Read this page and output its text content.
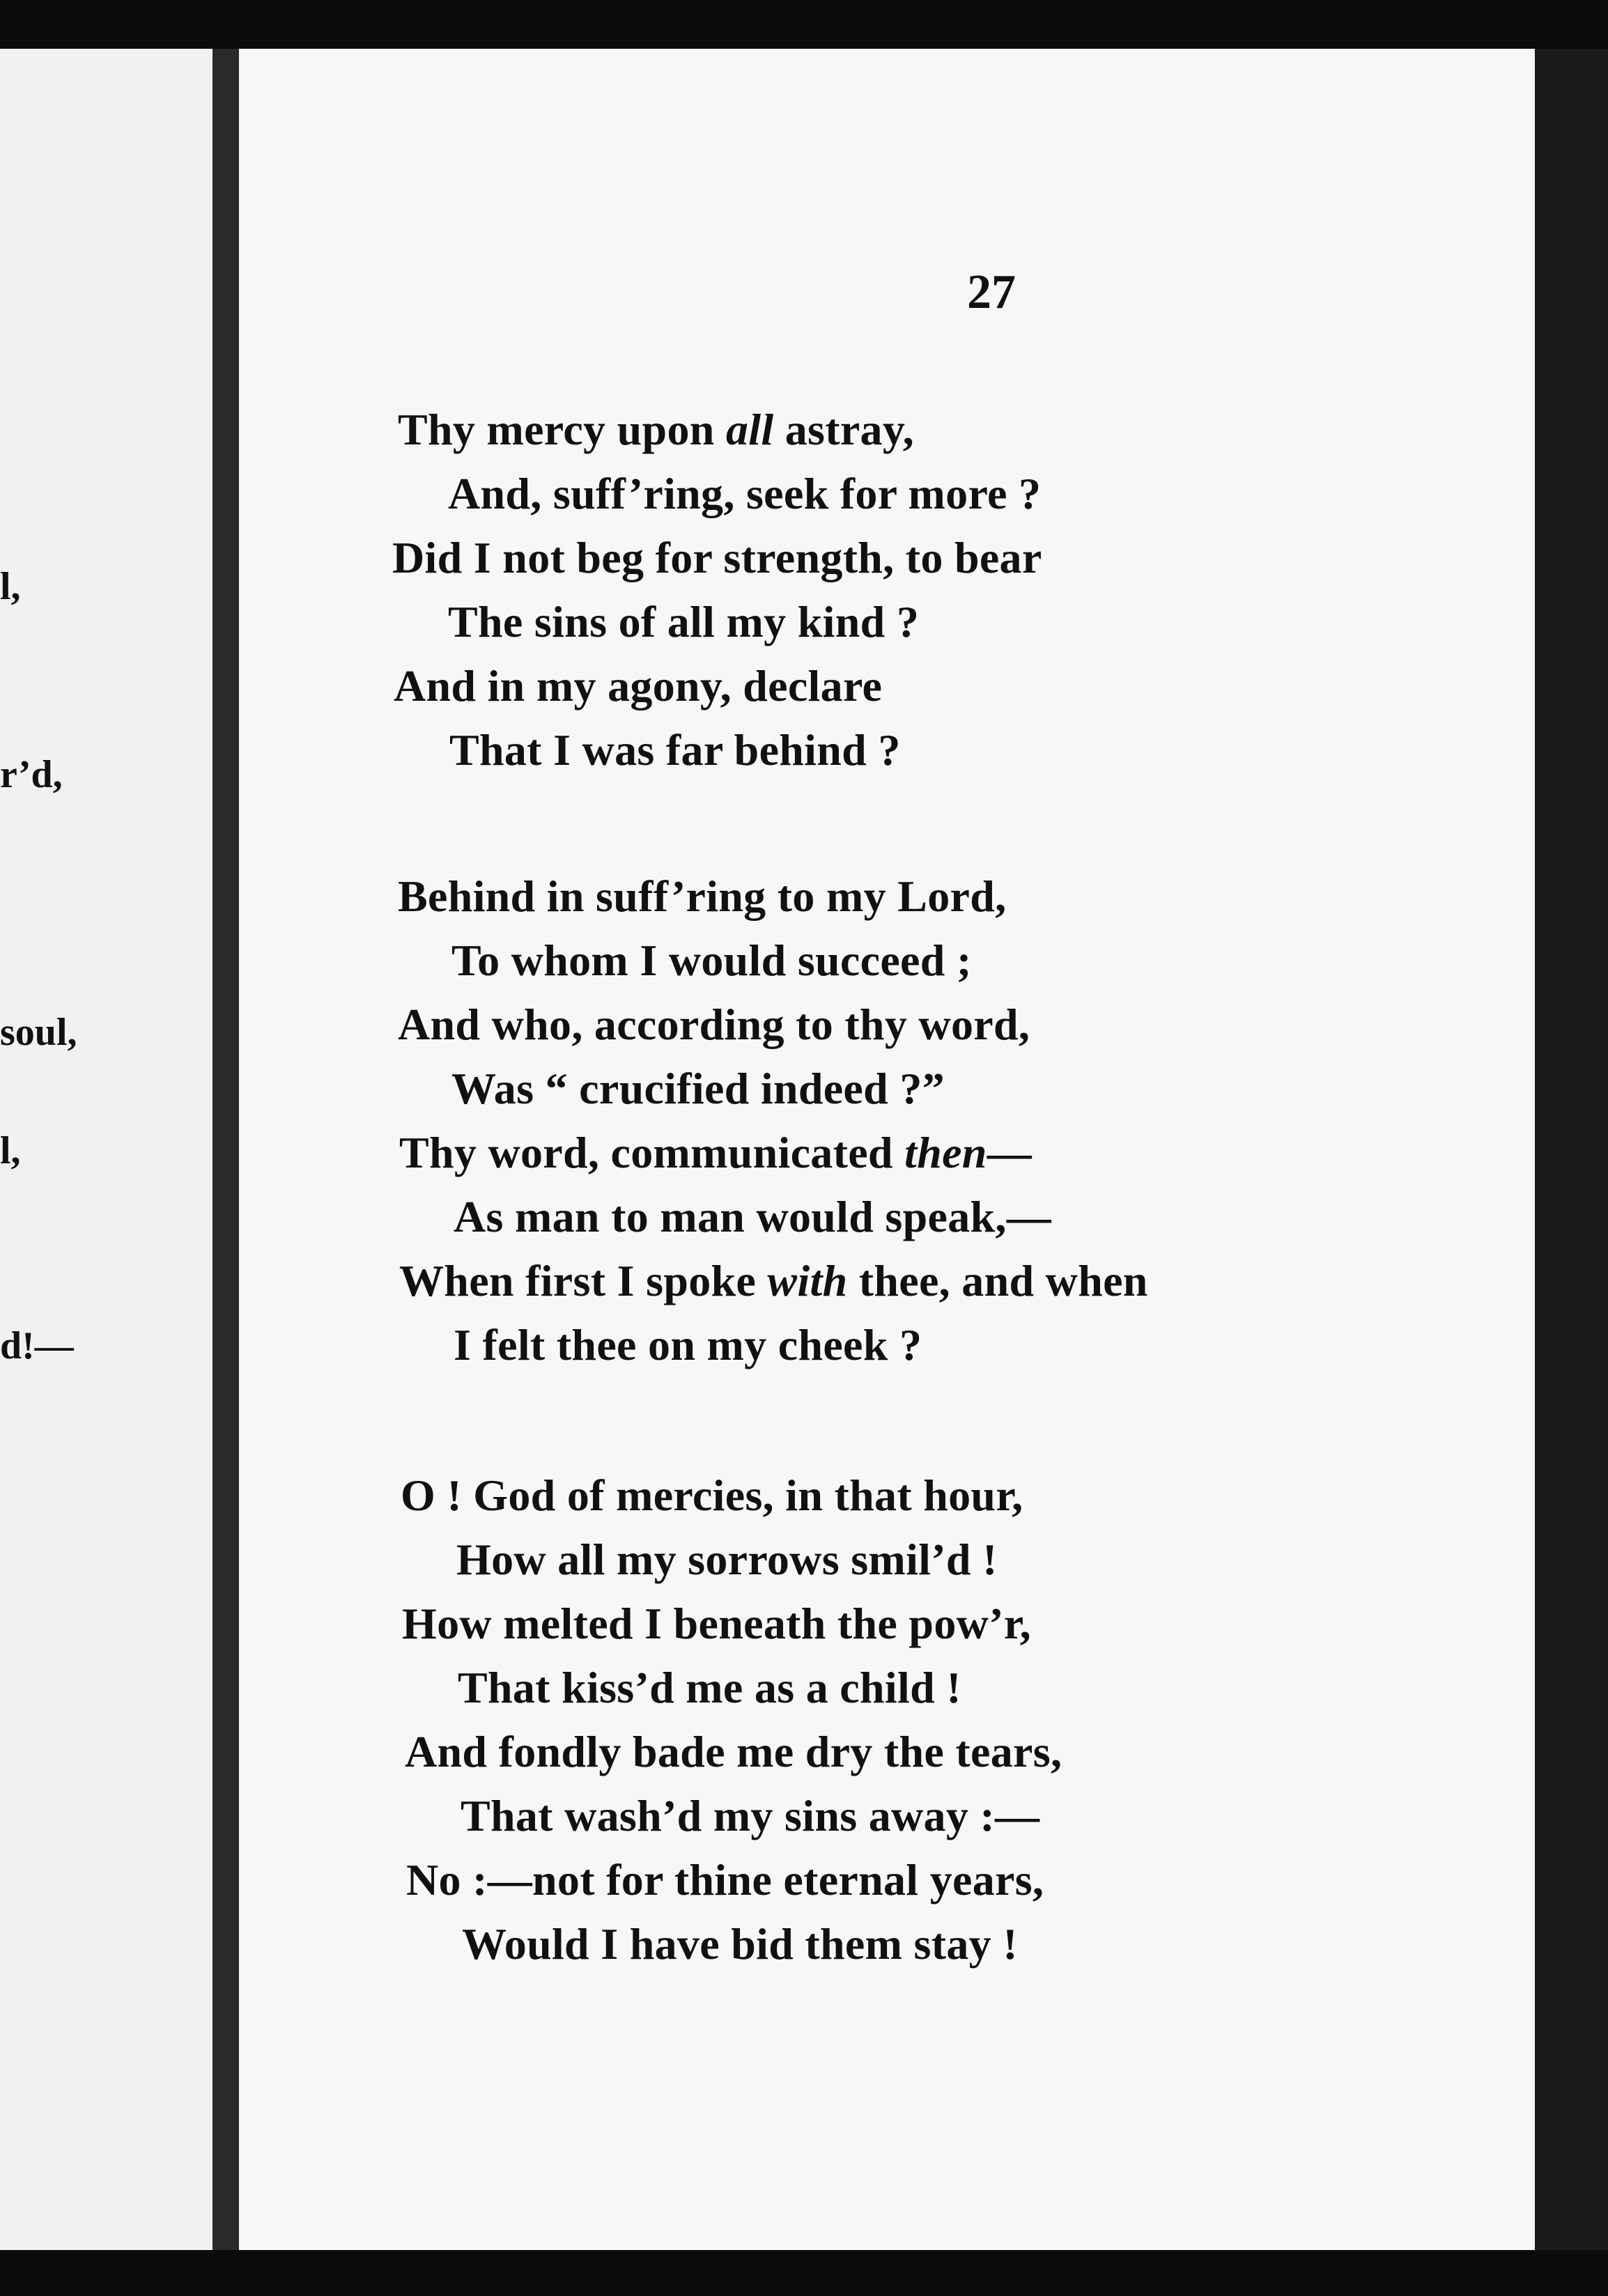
l,
r’d,
soul,
l,
d!—
27
Thy mercy upon all astray,
And, suff’ring, seek for more ?
Did I not beg for strength, to bear
The sins of all my kind ?
And in my agony, declare
That I was far behind ?
Behind in suff’ring to my Lord,
To whom I would succeed ;
And who, according to thy word,
Was “ crucified indeed ?”
Thy word, communicated then—
As man to man would speak,—
When first I spoke with thee, and when
I felt thee on my cheek ?
O ! God of mercies, in that hour,
How all my sorrows smil’d !
How melted I beneath the pow’r,
That kiss’d me as a child !
And fondly bade me dry the tears,
That wash’d my sins away :—
No :—not for thine eternal years,
Would I have bid them stay !
